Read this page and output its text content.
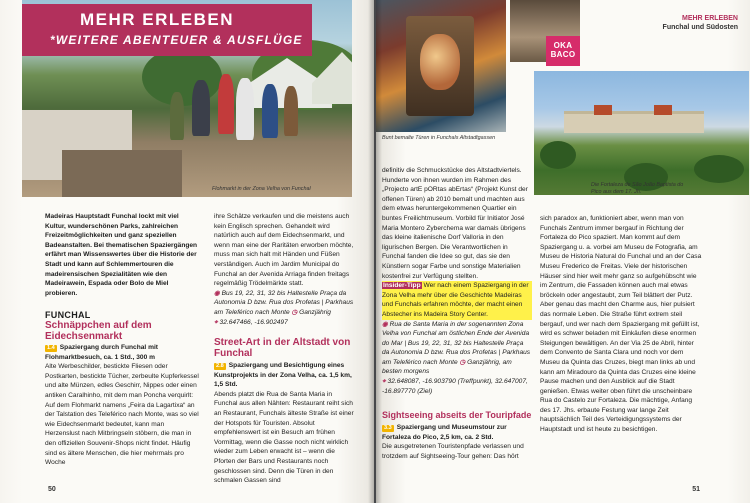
MEHR ERLEBEN
*WEITERE ABENTEUER & AUSFLÜGE
Flohmarkt in der Zona Velha von Funchal
Madeiras Hauptstadt Funchal lockt mit viel Kultur, wunderschönen Parks, zahlreichen Freizeitmöglichkeiten und ganz speziellen Badeanstalten. Bei thematischen Spaziergängen erfährt man Wissenswertes über die Historie der Stadt und kann auf Schlemmertouren die madeirensischen Spezialitäten wie den Madeirawein, Espada oder Bolo de Miel probieren.
FUNCHAL
Schnäppchen auf dem Eidechsenmarkt

1.4 Spaziergang durch Funchal mit Flohmarktbesuch, ca. 1 Std., 300 m

Alte Werbeschilder, bestickte Fliesen oder Postkarten, bestickte Tücher, zerbeulte Kupferkessel und alte Münzen, edles Geschirr, Nippes oder einen antiken Caralhinho, mit dem man Poncha verquirlt: Auf dem Flohmarkt namens „Feira da Lagartixa“ an der Talstation des Teleférico nach Monte, was so viel wie Eidechsenmarkt bedeutet, kann man Herzenslust nach Mitbringseln stöbern, die man in den offiziellen Souvenir-Shops nicht findet. Häufig sind es ältere Menschen, die hier mehrmals pro Woche

ihre Schätze verkaufen und die meistens auch kein Englisch sprechen. Gehandelt wird natürlich auch auf dem Eidechsenmarkt, und wenn man eine der Raritäten erworben möchte, muss man sich halt mit Händen und Füßen verständigen. Auch im Jardim Municipal do Funchal an der Avenida Arriaga finden freitags regelmäßig Trödelmärkte statt.

◉ Bus 19, 22, 31, 32 bis Haltestelle Praça da Autonomia D bzw. Rua dos Profetas | Parkhaus am Teleférico nach Monte ◷ Ganzjährig

⌖ 32.647466, -16.902497

Street-Art in der Altstadt von Funchal

2.8 Spaziergang und Besichtigung eines Kunstprojekts in der Zona Velha, ca. 1,5 km, 1,5 Std.

Abends platzt die Rua de Santa Maria in Funchal aus allen Nähten: Restaurant reiht sich an Restaurant, Funchals älteste Straße ist einer der Hotspots für Touristen. Absolut empfehlenswert ist ein Besuch am frühen Vormittag, wenn die Gasse noch nicht wirklich wieder zum Leben erwacht ist – wenn die Pforten der Bars und Restaurants noch geschlossen sind. Denn die Türen in den schmalen Gassen sind

50
OKA BACO
MEHR ERLEBEN
Funchal und Südosten
Bunt bemalte Türen in Funchals Altstadtgassen
Die Fortaleza de São João Baptista do Pico aus dem 17. Jh.

definitiv die Schmuckstücke des Altstadtviertels. Hunderte von ihnen wurden im Rahmen des „Projecto artE pORtas abErtas“ (Projekt Kunst der offenen Türen) ab 2010 bemalt und machten aus dem etwas heruntergekommenen Quartier ein buntes Freilichtmuseum. Vorbild für Initiator José Maria Montero Zyberchema war damals übrigens das kleine italienische Dorf Valloria in den ligurischen Bergen. Die Verantwortlichen in Funchal fanden die Idee so gut, das sie den Künstlern sogar Farbe und sonstige Materialien kostenfrei zur Verfügung stellten.

Insider-Tipp Wer nach einem Spaziergang in der Zona Velha mehr über die Geschichte Madeiras und Funchals erfahren möchte, der macht einen Abstecher ins Madeira Story Center.

◉ Rua de Santa Maria in der sogenannten Zona Velha von Funchal am östlichen Ende der Avenida do Mar | Bus 19, 22, 31, 32 bis Haltestelle Praça da Autonomia D bzw. Rua dos Profetas | Parkhaus am Teleférico nach Monte ◷ Ganzjährig, am besten morgens

⌖ 32.648087, -16.903790 (Treffpunkt), 32.647007, -16.897770 (Ziel)

Sightseeing abseits der Touripfade

3.3 Spaziergang und Museumstour zur Fortaleza do Pico, 2,5 km, ca. 2 Std.

Die ausgetretenen Touristenpfade verlassen und trotzdem auf Sightseeing-Tour gehen: Das hört

sich paradox an, funktioniert aber, wenn man von Funchals Zentrum immer bergauf in Richtung der Fortaleza do Pico spaziert. Man kommt auf dem Spaziergang u. a. vorbei am Museu de Fotografia, am Museu de Historia Natural do Funchal und an der Casa Museu Frederico de Freitas. Viele der historischen Häuser sind hier weit mehr ganz so aufgehübscht wie im Zentrum, die Fassaden können auch mal etwas bröckeln oder angestaubt, zum Teil blättert der Putz. Aber genau das macht den Charme aus, hier pulsiert das normale Leben. Die Straße führt extrem steil bergauf, und wer nach dem Spaziergang mit gefüllt ist, wird es schwer beladen mit Einkäufen diese enormen Steigungen bewältigen. An der Via 25 de Abril, hinter dem Convento de Santa Clara und noch vor dem Museu da Quinta das Cruzes, biegt man links ab und kann am Miradouro da Quinta das Cruzes eine kleine Pause machen und den Ausblick auf die Stadt genießen. Etwas weiter oben führt die unscheinbare Rua do Castelo zur Fortaleza. Die mächtige, Anfang des 17. Jhs. erbaute Festung war lange Zeit hauptsächlich Teil des Verteidigungssystems der Hauptstadt und ist heute zu besichtigen.
51
